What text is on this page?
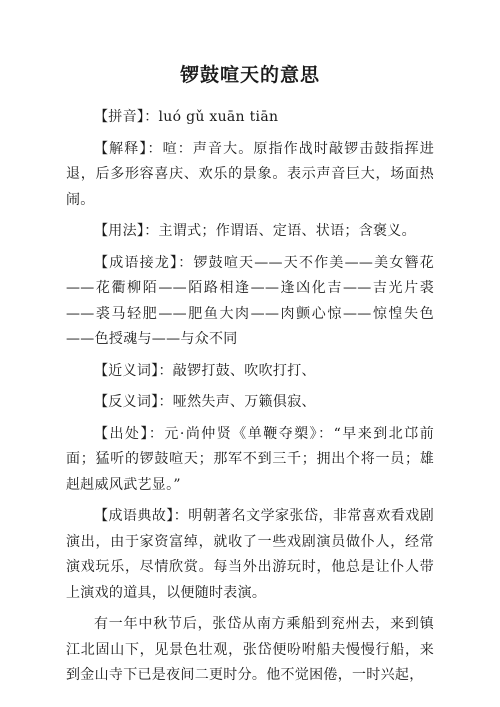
锣鼓喧天的意思

【拼音】：luó gǔ xuān tiān

【解释】：喧：声音大。原指作战时敲锣击鼓指挥进退，后多形容喜庆、欢乐的景象。表示声音巨大，场面热闹。

【用法】：主谓式；作谓语、定语、状语；含褒义。

【成语接龙】：锣鼓喧天——天不作美——美女簪花——花衢柳陌——陌路相逢——逢凶化吉——吉光片裘——裘马轻肥——肥鱼大肉——肉颤心惊——惊惶失色——色授魂与——与众不同

【近义词】：敲锣打鼓、吹吹打打、

【反义词】：哑然失声、万籁俱寂、

【出处】：元·尚仲贤《单鞭夺槊》：“早来到北邙前面；猛听的锣鼓喧天；那军不到三千；拥出个将一员；雄赳赳威风武艺显。”

【成语典故】：明朝著名文学家张岱，非常喜欢看戏剧演出，由于家资富绰，就收了一些戏剧演员做仆人，经常演戏玩乐，尽情欣赏。每当外出游玩时，他总是让仆人带上演戏的道具，以便随时表演。

有一年中秋节后，张岱从南方乘船到兖州去，来到镇江北固山下，见景色壮观，张岱便吩咐船夫慢慢行船，来到金山寺下已是夜间二更时分。他不觉困倦，一时兴起，
